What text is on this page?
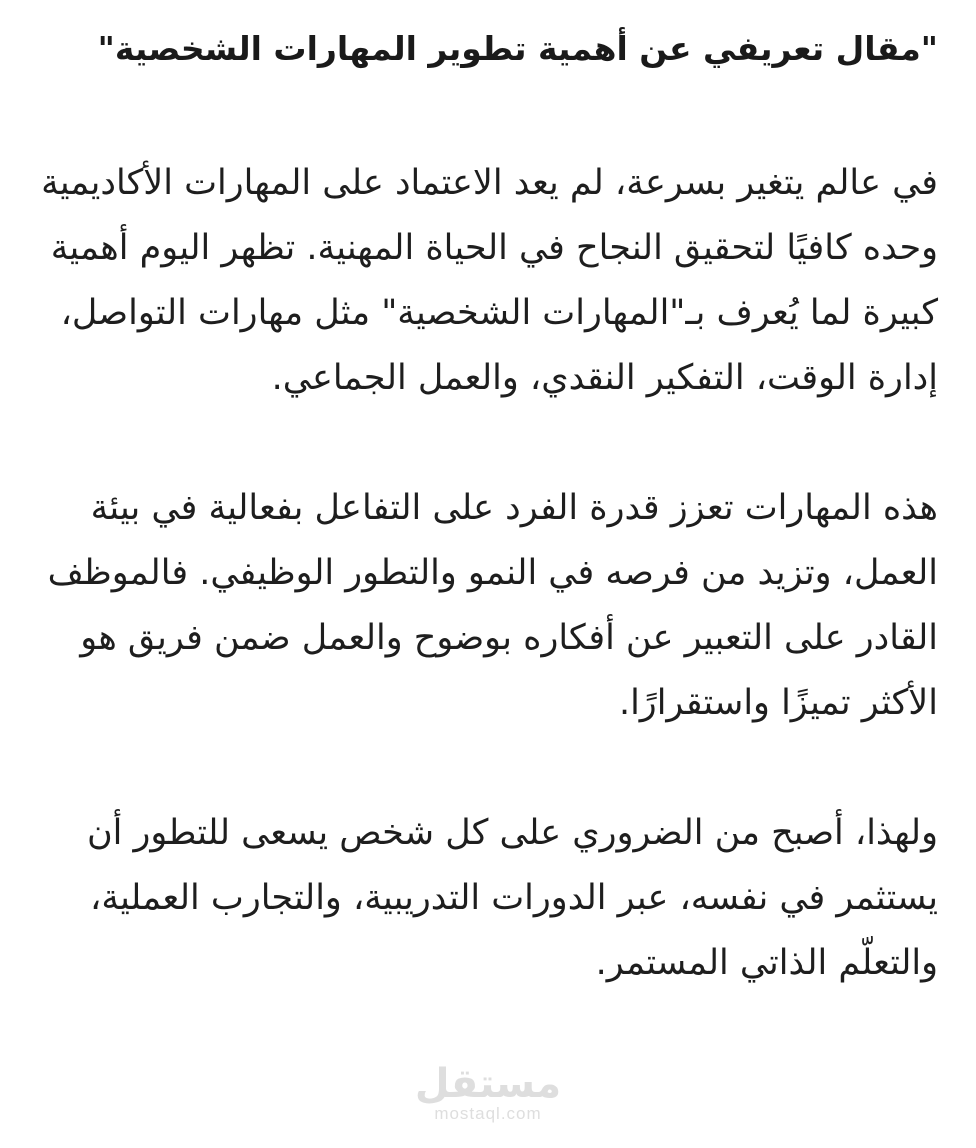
"مقال تعريفي عن أهمية تطوير المهارات الشخصية"

في عالم يتغير بسرعة، لم يعد الاعتماد على المهارات الأكاديمية وحده كافيًا لتحقيق النجاح في الحياة المهنية. تظهر اليوم أهمية كبيرة لما يُعرف بـ"المهارات الشخصية" مثل مهارات التواصل، إدارة الوقت، التفكير النقدي، والعمل الجماعي.

هذه المهارات تعزز قدرة الفرد على التفاعل بفعالية في بيئة العمل، وتزيد من فرصه في النمو والتطور الوظيفي. فالموظف القادر على التعبير عن أفكاره بوضوح والعمل ضمن فريق هو الأكثر تميزًا واستقرارًا.

ولهذا، أصبح من الضروري على كل شخص يسعى للتطور أن يستثمر في نفسه، عبر الدورات التدريبية، والتجارب العملية، والتعلّم الذاتي المستمر.

مستقل
mostaql.com
